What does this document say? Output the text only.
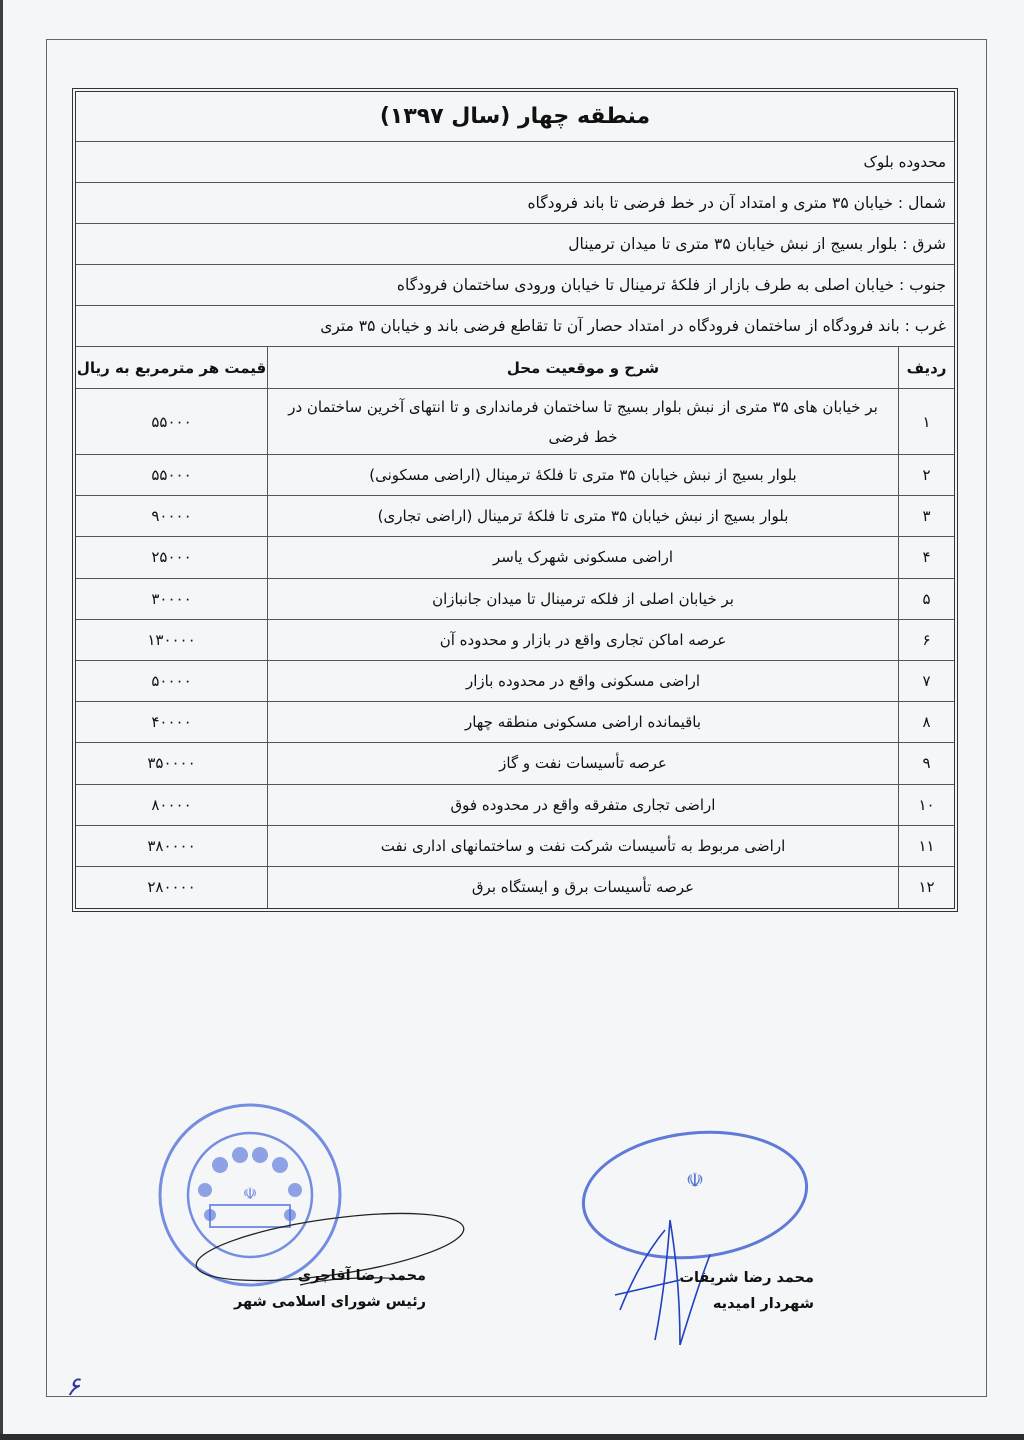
منطقه چهار (سال ۱۳۹۷)
محدوده بلوک
شمال
:
خیابان ۳۵ متری و امتداد آن در خط فرضی تا باند فرودگاه
شرق
:
بلوار بسیج از نبش خیابان ۳۵ متری تا میدان ترمینال
جنوب
:
خیابان اصلی به طرف بازار از فلکهٔ ترمینال تا خیابان ورودی ساختمان فرودگاه
غرب
:
باند فرودگاه از ساختمان فرودگاه در امتداد حصار آن تا تقاطع فرضی باند و خیابان ۳۵ متری
ردیف
شرح و موقعیت محل
قیمت هر مترمربع به ریال
۱
بر خیابان های ۳۵ متری از نبش بلوار بسیج تا ساختمان فرمانداری و تا انتهای آخرین ساختمان در خط فرضی
۵۵۰۰۰
۲
بلوار بسیج از نبش خیابان ۳۵ متری تا فلکهٔ ترمینال (اراضی مسکونی)
۵۵۰۰۰
۳
بلوار بسیج از نبش خیابان ۳۵ متری تا فلکهٔ ترمینال (اراضی تجاری)
۹۰۰۰۰
۴
اراضی مسکونی شهرک یاسر
۲۵۰۰۰
۵
بر خیابان اصلی از فلکه ترمینال تا میدان جانبازان
۳۰۰۰۰
۶
عرصه اماکن تجاری واقع در بازار و محدوده آن
۱۳۰۰۰۰
۷
اراضی مسکونی واقع در محدوده بازار
۵۰۰۰۰
۸
باقیمانده اراضی مسکونی منطقه چهار
۴۰۰۰۰
۹
عرصه تأسیسات نفت و گاز
۳۵۰۰۰۰
۱۰
اراضی تجاری متفرقه واقع در محدوده فوق
۸۰۰۰۰
۱۱
اراضی مربوط به تأسیسات شرکت نفت و ساختمانهای اداری نفت
۳۸۰۰۰۰
۱۲
عرصه تأسیسات برق و ایستگاه برق
۲۸۰۰۰۰
☫
محمد رضا آقاجری
رئیس شورای اسلامی شهر
☫
محمد رضا شریفات
شهردار امیدیه
۶
